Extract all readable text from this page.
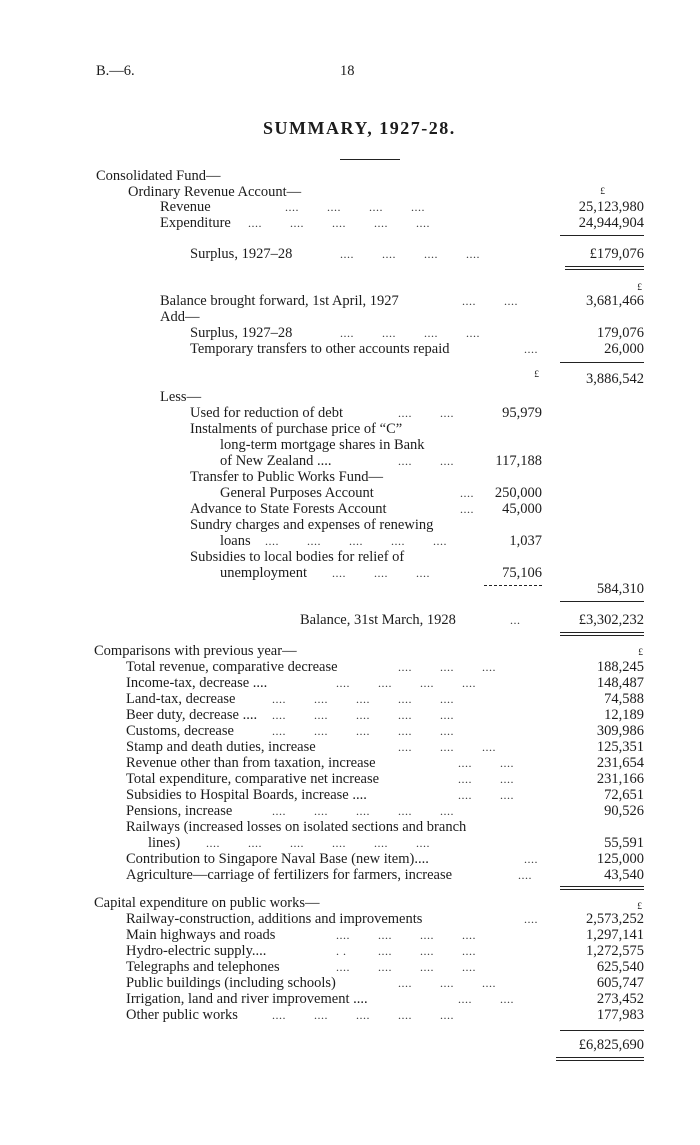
B.—6.	18
SUMMARY, 1927-28.
Consolidated Fund—
Ordinary Revenue Account—	£
Revenue	....        ....        ....        ....	25,123,980
Expenditure ....        ....        ....        ....        ....	24,944,904
Surplus, 1927–28	....        ....        ....        ....	£179,076
£
Balance brought forward, 1st April, 1927	....        ....	3,681,466
Add—
Surplus, 1927–28	....        ....        ....        ....	179,076
Temporary transfers to other accounts repaid	....	26,000
3,886,542
Less—
£
Used for reduction of debt	....        ....	95,979
Instalments of purchase price of “C”
long-term mortgage shares in Bank
of New Zealand ....	....        ....	117,188
Transfer to Public Works Fund—
General Purposes Account	.... 250,000
Advance to State Forests Account	.... 45,000
Sundry charges and expenses of renewing
loans ....        ....        ....        ....        ....	1,037
Subsidies to local bodies for relief of
unemployment ....        ....        ....	75,106
584,310
Balance, 31st March, 1928	...	£3,302,232
Comparisons with previous year—	£
Total revenue, comparative decrease	....        ....        ....	188,245
Income-tax, decrease ....	....        ....        ....        ....	148,487
Land-tax, decrease	....        ....        ....        ....        ....	74,588
Beer duty, decrease .... ....        ....        ....        ....        ....	12,189
Customs, decrease	....        ....        ....        ....        ....	309,986
Stamp and death duties, increase	....        ....        ....	125,351
Revenue other than from taxation, increase	....        ....	231,654
Total expenditure, comparative net increase	....        ....	231,166
Subsidies to Hospital Boards, increase ....	....        ....	72,651
Pensions, increase	....        ....        ....        ....        ....	90,526
Railways (increased losses on isolated sections and branch
lines) ....        ....        ....        ....        ....        ....	55,591
Contribution to Singapore Naval Base (new item)....	....	125,000
Agriculture—carriage of fertilizers for farmers, increase	....	43,540
Capital expenditure on public works—	£
Railway-construction, additions and improvements	....	2,573,252
Main highways and roads	....        ....        ....        ....	1,297,141
Hydro-electric supply....	. .         ....        ....        ....	1,272,575
Telegraphs and telephones	....        ....        ....        ....	625,540
Public buildings (including schools)	....        ....        ....	605,747
Irrigation, land and river improvement ....	....        ....	273,452
Other public works	....        ....        ....        ....        ....	177,983
£6,825,690
